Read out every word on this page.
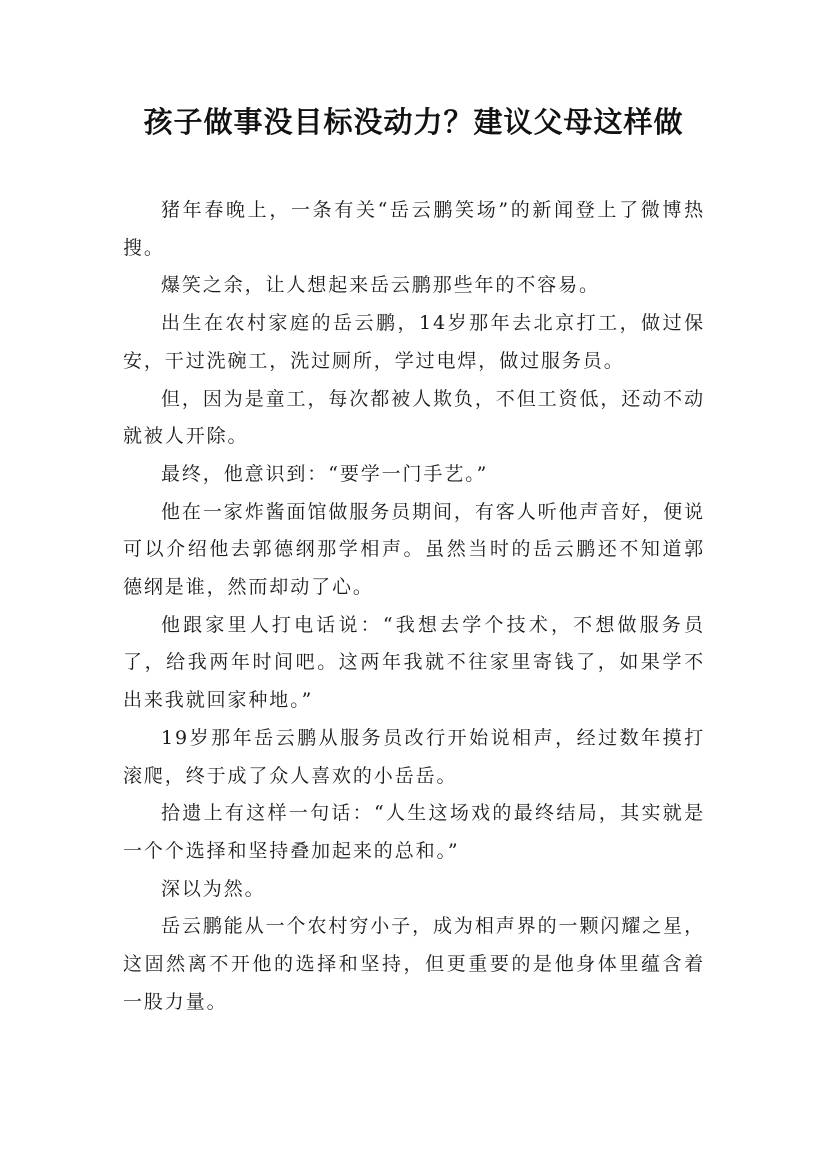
孩子做事没目标没动力？建议父母这样做

猪年春晚上，一条有关“岳云鹏笑场”的新闻登上了微博热搜。

爆笑之余，让人想起来岳云鹏那些年的不容易。

出生在农村家庭的岳云鹏，14岁那年去北京打工，做过保安，干过洗碗工，洗过厕所，学过电焊，做过服务员。

但，因为是童工，每次都被人欺负，不但工资低，还动不动就被人开除。

最终，他意识到：“要学一门手艺。”

他在一家炸酱面馆做服务员期间，有客人听他声音好，便说可以介绍他去郭德纲那学相声。虽然当时的岳云鹏还不知道郭德纲是谁，然而却动了心。

他跟家里人打电话说：“我想去学个技术，不想做服务员了，给我两年时间吧。这两年我就不往家里寄钱了，如果学不出来我就回家种地。”

19岁那年岳云鹏从服务员改行开始说相声，经过数年摸打滚爬，终于成了众人喜欢的小岳岳。

拾遗上有这样一句话：“人生这场戏的最终结局，其实就是一个个选择和坚持叠加起来的总和。”

深以为然。

岳云鹏能从一个农村穷小子，成为相声界的一颗闪耀之星，这固然离不开他的选择和坚持，但更重要的是他身体里蕴含着一股力量。
